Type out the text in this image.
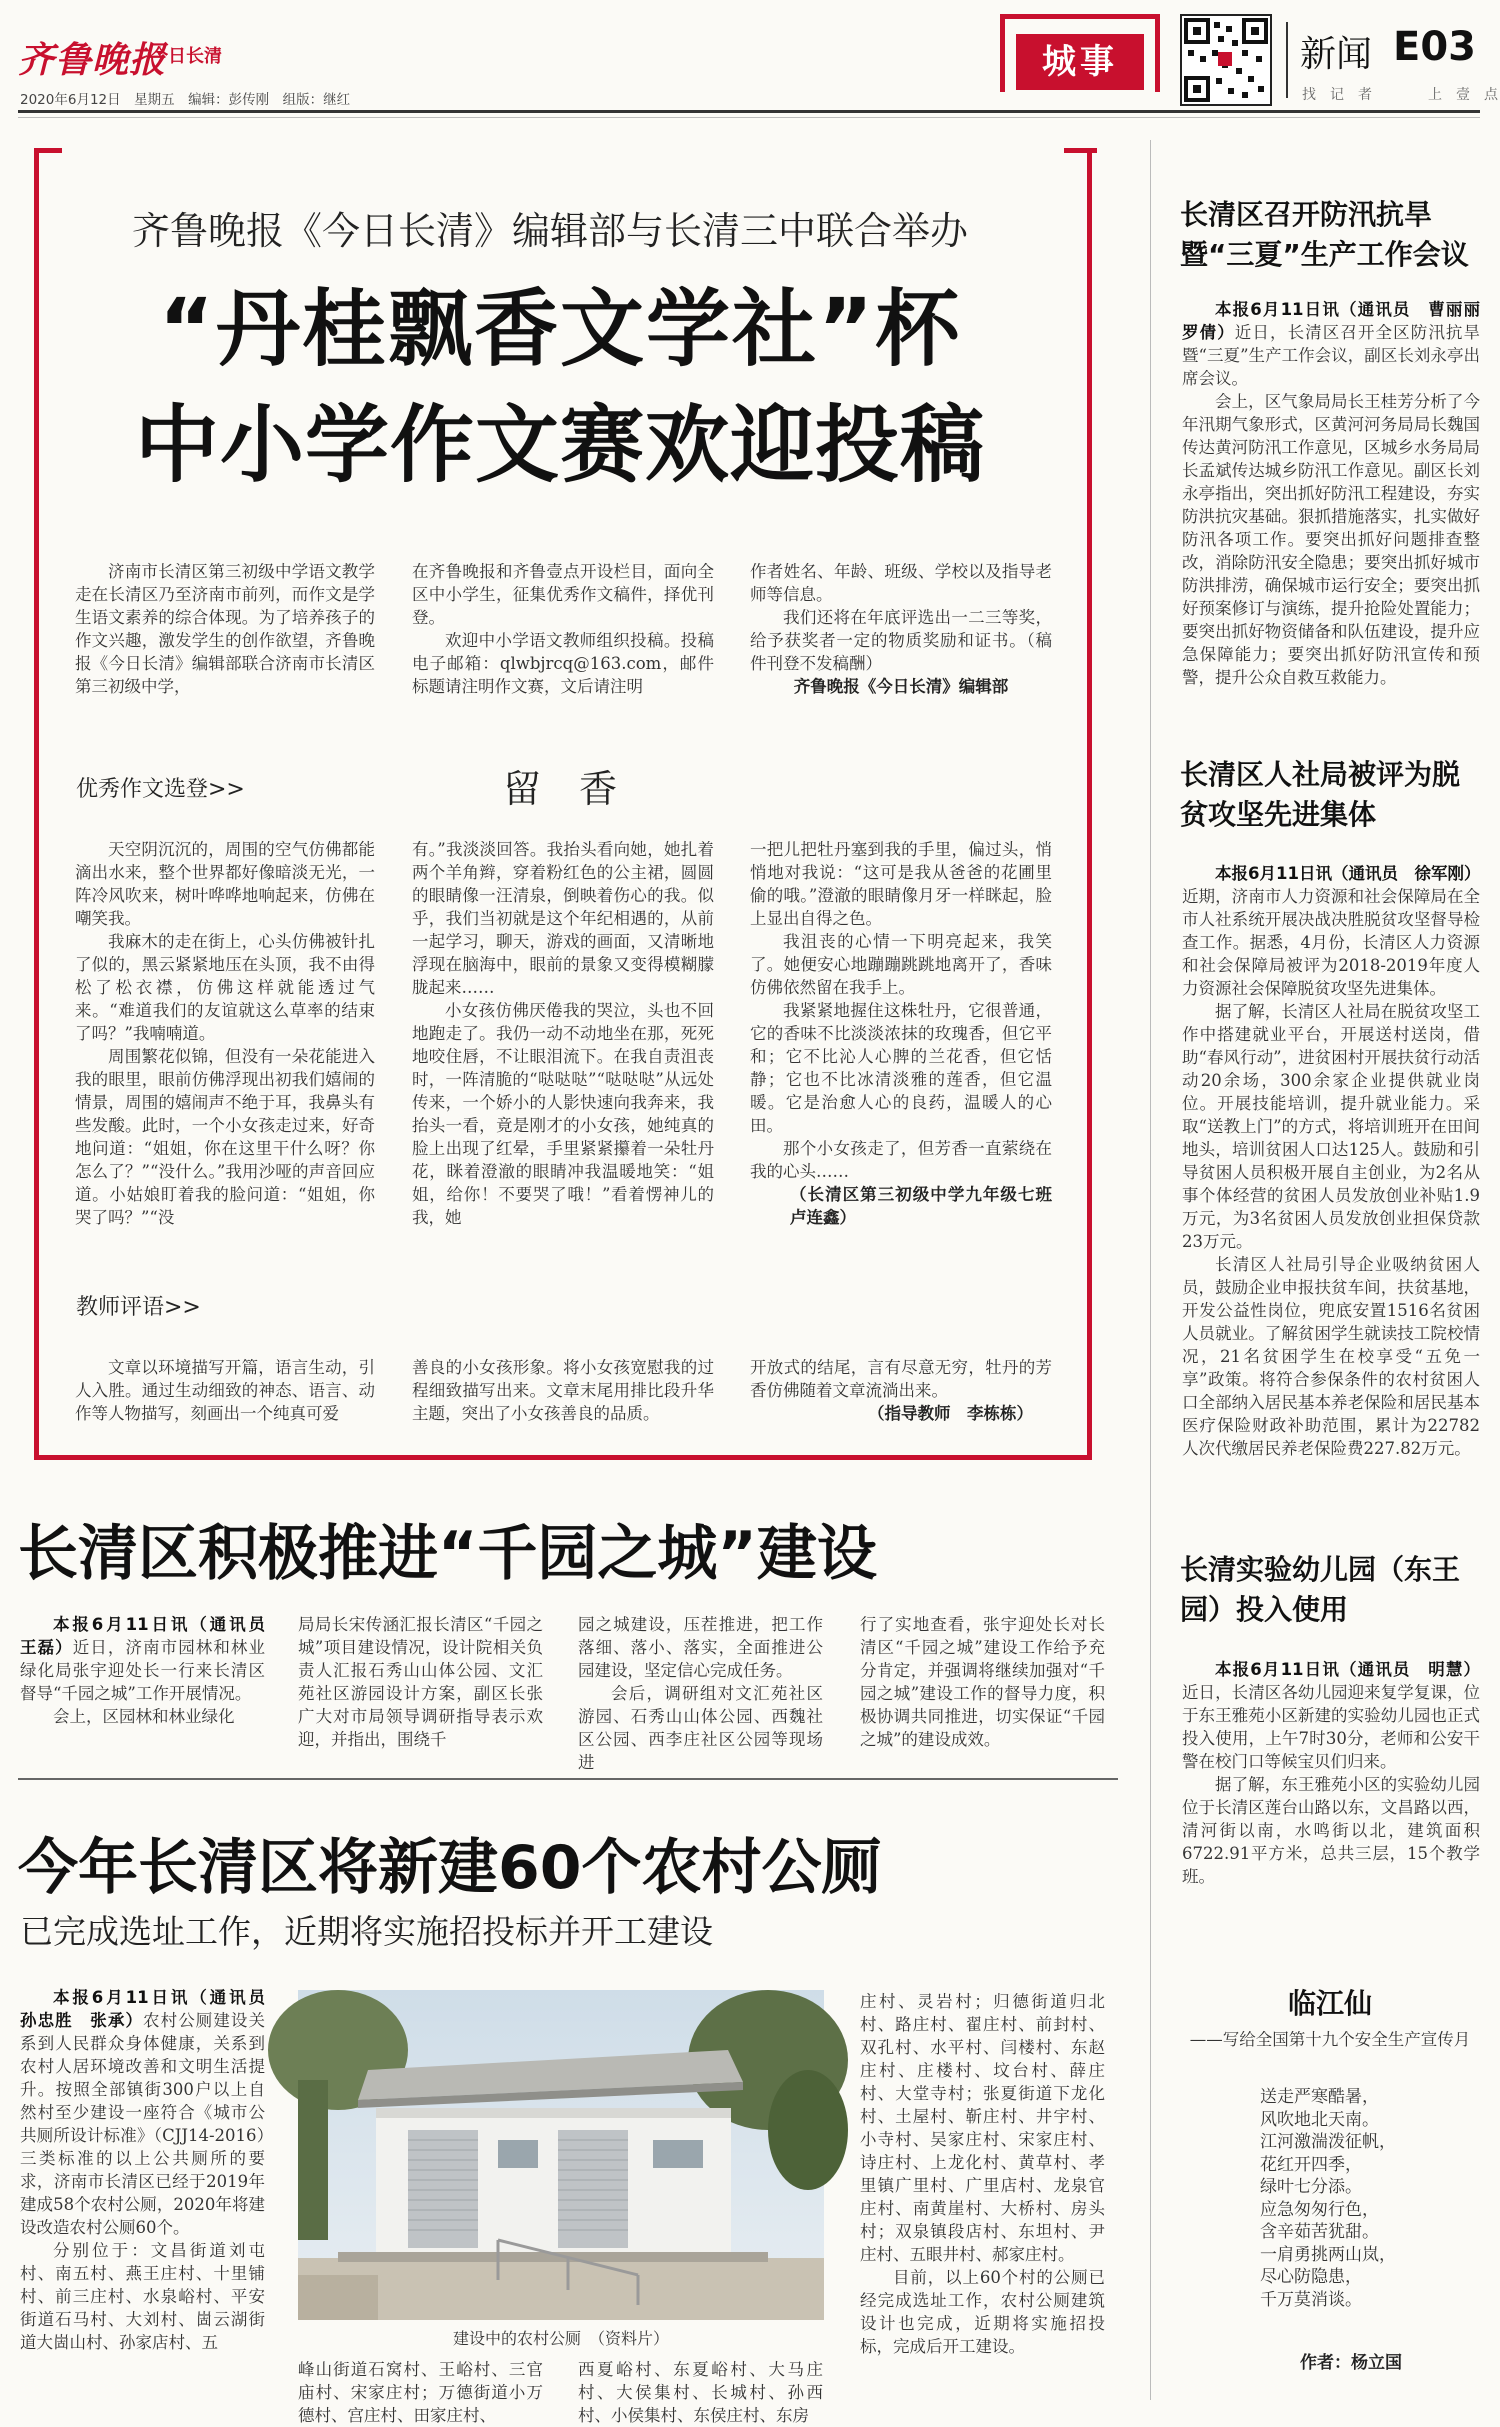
齐鲁晚报
今日长清
2020年6月12日　星期五　编辑：彭传刚　组版：继红
城事	新闻 E03
找　记　者　　　　上　壹　点
齐鲁晚报《今日长清》编辑部与长清三中联合举办
“丹桂飘香文学社”杯
中小学作文赛欢迎投稿

济南市长清区第三初级中学语文教学走在长清区乃至济南市前列，而作文是学生语文素养的综合体现。为了培养孩子的作文兴趣，激发学生的创作欲望，齐鲁晚报《今日长清》编辑部联合济南市长清区第三初级中学，

在齐鲁晚报和齐鲁壹点开设栏目，面向全区中小学生，征集优秀作文稿件，择优刊登。

欢迎中小学语文教师组织投稿。投稿电子邮箱：qlwbjrcq@163.com，邮件标题请注明作文赛，文后请注明

作者姓名、年龄、班级、学校以及指导老师等信息。

我们还将在年底评选出一二三等奖，给予获奖者一定的物质奖励和证书。（稿件刊登不发稿酬）

齐鲁晚报《今日长清》编辑部

优秀作文选登>>	留　香

天空阴沉沉的，周围的空气仿佛都能滴出水来，整个世界都好像暗淡无光，一阵冷风吹来，树叶哗哗地响起来，仿佛在嘲笑我。

我麻木的走在街上，心头仿佛被针扎了似的，黑云紧紧地压在头顶，我不由得松了松衣襟，仿佛这样就能透过气来。“难道我们的友谊就这么草率的结束了吗？”我喃喃道。

周围繁花似锦，但没有一朵花能进入我的眼里，眼前仿佛浮现出初我们嬉闹的情景，周围的嬉闹声不绝于耳，我鼻头有些发酸。此时，一个小女孩走过来，好奇地问道：“姐姐，你在这里干什么呀？你怎么了？”“没什么。”我用沙哑的声音回应道。小姑娘盯着我的脸问道：“姐姐，你哭了吗？”“没

有。”我淡淡回答。我抬头看向她，她扎着两个羊角辫，穿着粉红色的公主裙，圆圆的眼睛像一汪清泉，倒映着伤心的我。似乎，我们当初就是这个年纪相遇的，从前一起学习，聊天，游戏的画面，又清晰地浮现在脑海中，眼前的景象又变得模糊朦胧起来……

小女孩仿佛厌倦我的哭泣，头也不回地跑走了。我仍一动不动地坐在那，死死地咬住唇，不让眼泪流下。在我自责沮丧时，一阵清脆的“哒哒哒”“哒哒哒”从远处传来，一个娇小的人影快速向我奔来，我抬头一看，竟是刚才的小女孩，她纯真的脸上出现了红晕，手里紧紧攥着一朵牡丹花，眯着澄澈的眼睛冲我温暖地笑：“姐姐，给你！不要哭了哦！”看着愣神儿的我，她

一把儿把牡丹塞到我的手里，偏过头，悄悄地对我说：“这可是我从爸爸的花圃里偷的哦。”澄澈的眼睛像月牙一样眯起，脸上显出自得之色。

我沮丧的心情一下明亮起来，我笑了。她便安心地蹦蹦跳跳地离开了，香味仿佛依然留在我手上。

我紧紧地握住这株牡丹，它很普通，它的香味不比淡淡浓抹的玫瑰香，但它平和；它不比沁人心脾的兰花香，但它恬静；它也不比冰清淡雅的莲香，但它温暖。它是治愈人心的良药，温暖人的心田。

那个小女孩走了，但芳香一直萦绕在我的心头……

（长清区第三初级中学九年级七班　卢连鑫）

教师评语>>

文章以环境描写开篇，语言生动，引人入胜。通过生动细致的神态、语言、动作等人物描写，刻画出一个纯真可爱

善良的小女孩形象。将小女孩宽慰我的过程细致描写出来。文章末尾用排比段升华主题，突出了小女孩善良的品质。

开放式的结尾，言有尽意无穷，牡丹的芳香仿佛随着文章流淌出来。

（指导教师　李栋栋）

长清区积极推进“千园之城”建设

本报6月11日讯（通讯员　王磊）近日，济南市园林和林业绿化局张宇迎处长一行来长清区督导“千园之城”工作开展情况。

会上，区园林和林业绿化

局局长宋传涵汇报长清区“千园之城”项目建设情况，设计院相关负责人汇报石秀山山体公园、文汇苑社区游园设计方案，副区长张广大对市局领导调研指导表示欢迎，并指出，围绕千

园之城建设，压茬推进，把工作落细、落小、落实，全面推进公园建设，坚定信心完成任务。

会后，调研组对文汇苑社区游园、石秀山山体公园、西魏社区公园、西李庄社区公园等现场进

行了实地查看，张宇迎处长对长清区“千园之城”建设工作给予充分肯定，并强调将继续加强对“千园之城”建设工作的督导力度，积极协调共同推进，切实保证“千园之城”的建设成效。

今年长清区将新建60个农村公厕
已完成选址工作，近期将实施招投标并开工建设

本报6月11日讯（通讯员　孙忠胜　张承）农村公厕建设关系到人民群众身体健康，关系到农村人居环境改善和文明生活提升。按照全部镇街300户以上自然村至少建设一座符合《城市公共厕所设计标准》（CJJ14-2016）三类标准的以上公共厕所的要求，济南市长清区已经于2019年建成58个农村公厕，2020年将建设改造农村公厕60个。

分别位于：文昌街道刘屯村、南五村、燕王庄村、十里铺村、前三庄村、水泉峪村、平安街道石马村、大刘村、崮云湖街道大崮山村、孙家店村、五	建设中的农村公厕　（资料片）

峰山街道石窝村、王峪村、三官庙村、宋家庄村；万德街道小万德村、宫庄村、田家庄村、

西夏峪村、东夏峪村、大马庄村、大侯集村、长城村、孙西村、小侯集村、东侯庄村、东房

庄村、灵岩村；归德街道归北村、路庄村、翟庄村、前封村、双孔村、水平村、闫楼村、东赵庄村、庄楼村、坟台村、薛庄村、大堂寺村；张夏街道下龙化村、土屋村、靳庄村、井宇村、小寺村、吴家庄村、宋家庄村、诗庄村、上龙化村、黄草村、孝里镇广里村、广里店村、龙泉官庄村、南黄崖村、大桥村、房头村；双泉镇段店村、东坦村、尹庄村、五眼井村、郝家庄村。

目前，以上60个村的公厕已经完成选址工作，农村公厕建筑设计也完成，近期将实施招投标，完成后开工建设。

长清区召开防汛抗旱暨“三夏”生产工作会议

本报6月11日讯（通讯员　曹丽丽　罗倩）近日，长清区召开全区防汛抗旱暨“三夏”生产工作会议，副区长刘永亭出席会议。

会上，区气象局局长王桂芳分析了今年汛期气象形式，区黄河河务局局长魏国传达黄河防汛工作意见，区城乡水务局局长孟斌传达城乡防汛工作意见。副区长刘永亭指出，突出抓好防汛工程建设，夯实防洪抗灾基础。狠抓措施落实，扎实做好防汛各项工作。要突出抓好问题排查整改，消除防汛安全隐患；要突出抓好城市防洪排涝，确保城市运行安全；要突出抓好预案修订与演练，提升抢险处置能力；要突出抓好物资储备和队伍建设，提升应急保障能力；要突出抓好防汛宣传和预警，提升公众自救互救能力。

长清区人社局被评为脱贫攻坚先进集体

本报6月11日讯（通讯员　徐军刚）近期，济南市人力资源和社会保障局在全市人社系统开展决战决胜脱贫攻坚督导检查工作。据悉，4月份，长清区人力资源和社会保障局被评为2018-2019年度人力资源社会保障脱贫攻坚先进集体。

据了解，长清区人社局在脱贫攻坚工作中搭建就业平台，开展送村送岗，借助“春风行动”，进贫困村开展扶贫行动活动20余场，300余家企业提供就业岗位。开展技能培训，提升就业能力。采取“送教上门”的方式，将培训班开在田间地头，培训贫困人口达125人。鼓励和引导贫困人员积极开展自主创业，为2名从事个体经营的贫困人员发放创业补贴1.9万元，为3名贫困人员发放创业担保贷款23万元。

长清区人社局引导企业吸纳贫困人员，鼓励企业申报扶贫车间，扶贫基地，开发公益性岗位，兜底安置1516名贫困人员就业。了解贫困学生就读技工院校情况，21名贫困学生在校享受“五免一享”政策。将符合参保条件的农村贫困人口全部纳入居民基本养老保险和居民基本医疗保险财政补助范围，累计为22782人次代缴居民养老保险费227.82万元。

长清实验幼儿园（东王园）投入使用

本报6月11日讯（通讯员　明慧）近日，长清区各幼儿园迎来复学复课，位于东王雅苑小区新建的实验幼儿园也正式投入使用，上午7时30分，老师和公安干警在校门口等候宝贝们归来。

据了解，东王雅苑小区的实验幼儿园位于长清区莲台山路以东，文昌路以西，清河街以南，水鸣街以北，建筑面积6722.91平方米，总共三层，15个教学班。

临江仙
——写给全国第十九个安全生产宣传月
送走严寒酷暑，
风吹地北天南。
江河激湍泼征帆，
花红开四季，
绿叶七分添。
应急匆匆行色，
含辛茹苦犹甜。
一肩勇挑两山岚，
尽心防隐患，
千万莫消谈。
作者：杨立国
